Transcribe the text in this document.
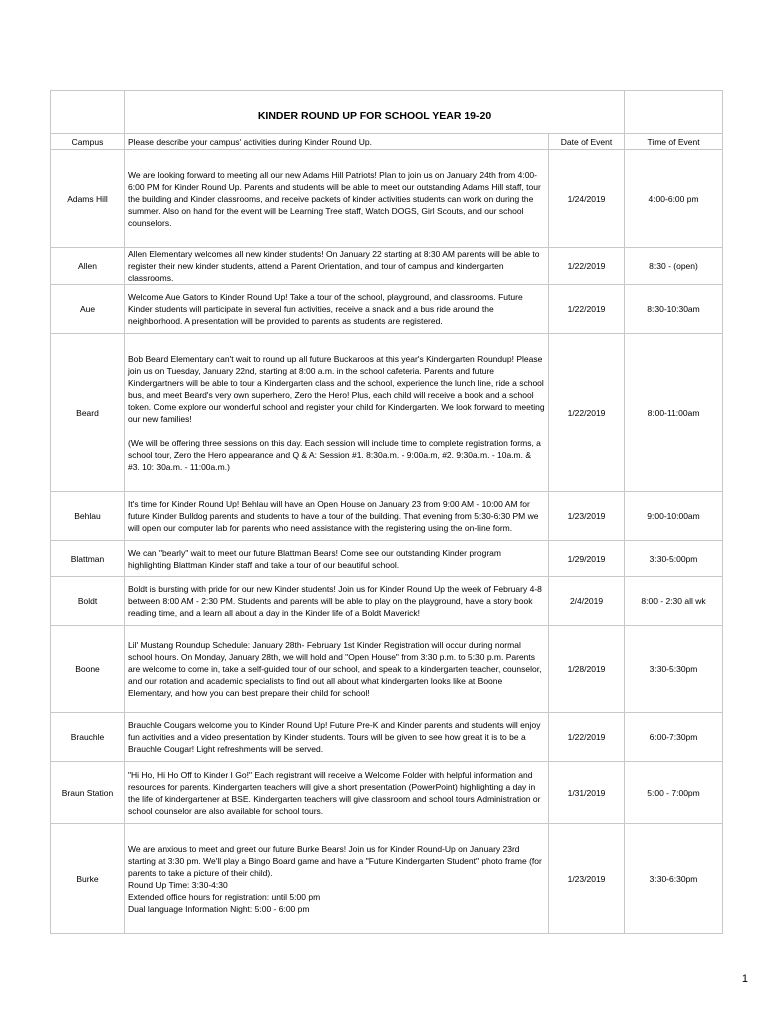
	KINDER ROUND UP FOR SCHOOL YEAR 19-20		
Campus	Please describe your campus' activities during Kinder Round Up.	Date of Event	Time of Event
Adams Hill	We are looking forward to meeting all our new Adams Hill Patriots! Plan to join us on January 24th from 4:00-6:00 PM for Kinder Round Up. Parents and students will be able to meet our outstanding Adams Hill staff, tour the building and Kinder classrooms, and receive packets of kinder activities students can work on during the summer. Also on hand for the event will be Learning Tree staff, Watch DOGS, Girl Scouts, and our school counselors.	1/24/2019	4:00-6:00 pm
Allen	Allen Elementary welcomes all new kinder students! On January 22 starting at 8:30 AM parents will be able to register their new kinder students, attend a Parent Orientation, and tour of campus and kindergarten classrooms.	1/22/2019	8:30 - (open)
Aue	Welcome Aue Gators to Kinder Round Up! Take a tour of the school, playground, and classrooms. Future Kinder students will participate in several fun activities, receive a snack and a bus ride around the neighborhood. A presentation will be provided to parents as students are registered.	1/22/2019	8:30-10:30am
Beard	Bob Beard Elementary can't wait to round up all future Buckaroos at this year's Kindergarten Roundup! Please join us on Tuesday, January 22nd, starting at 8:00 a.m. in the school cafeteria. Parents and future Kindergartners will be able to tour a Kindergarten class and the school, experience the lunch line, ride a school bus, and meet Beard's very own superhero, Zero the Hero! Plus, each child will receive a book and a school token. Come explore our wonderful school and register your child for Kindergarten. We look forward to meeting our new families!

(We will be offering three sessions on this day. Each session will include time to complete registration forms, a school tour, Zero the Hero appearance and Q & A: Session #1. 8:30a.m. - 9:00a.m, #2. 9:30a.m. - 10a.m. & #3. 10: 30a.m. - 11:00a.m.)	1/22/2019	8:00-11:00am
Behlau	It's time for Kinder Round Up! Behlau will have an Open House on January 23 from 9:00 AM - 10:00 AM for future Kinder Bulldog parents and students to have a tour of the building. That evening from 5:30-6:30 PM we will open our computer lab for parents who need assistance with the registering using the on-line form.	1/23/2019	9:00-10:00am
Blattman	We can "bearly" wait to meet our future Blattman Bears! Come see our outstanding Kinder program highlighting Blattman Kinder staff and take a tour of our beautiful school.	1/29/2019	3:30-5:00pm
Boldt	Boldt is bursting with pride for our new Kinder students! Join us for Kinder Round Up the week of February 4-8 between 8:00 AM - 2:30 PM. Students and parents will be able to play on the playground, have a story book reading time, and a learn all about a day in the Kinder life of a Boldt Maverick!	2/4/2019	8:00 - 2:30 all wk
Boone	Lil' Mustang Roundup Schedule: January 28th- February 1st Kinder Registration will occur during normal school hours. On Monday, January 28th, we will hold and "Open House" from 3:30 p.m. to 5:30 p.m. Parents are welcome to come in, take a self-guided tour of our school, and speak to a kindergarten teacher, counselor, and our rotation and academic specialists to find out all about what kindergarten looks like at Boone Elementary, and how you can best prepare their child for school!	1/28/2019	3:30-5:30pm
Brauchle	Brauchle Cougars welcome you to Kinder Round Up! Future Pre-K and Kinder parents and students will enjoy fun activities and a video presentation by Kinder students. Tours will be given to see how great it is to be a Brauchle Cougar! Light refreshments will be served.	1/22/2019	6:00-7:30pm
Braun Station	"Hi Ho, Hi Ho Off to Kinder I Go!" Each registrant will receive a Welcome Folder with helpful information and resources for parents. Kindergarten teachers will give a short presentation (PowerPoint) highlighting a day in the life of kindergartener at BSE. Kindergarten teachers will give classroom and school tours Administration or school counselor are also available for school tours.	1/31/2019	5:00 - 7:00pm
Burke	We are anxious to meet and greet our future Burke Bears! Join us for Kinder Round-Up on January 23rd starting at 3:30 pm. We'll play a Bingo Board game and have a "Future Kindergarten Student" photo frame (for parents to take a picture of their child).
Round Up Time: 3:30-4:30
Extended office hours for registration: until 5:00 pm
Dual language Information Night: 5:00 - 6:00 pm	1/23/2019	3:30-6:30pm
1
